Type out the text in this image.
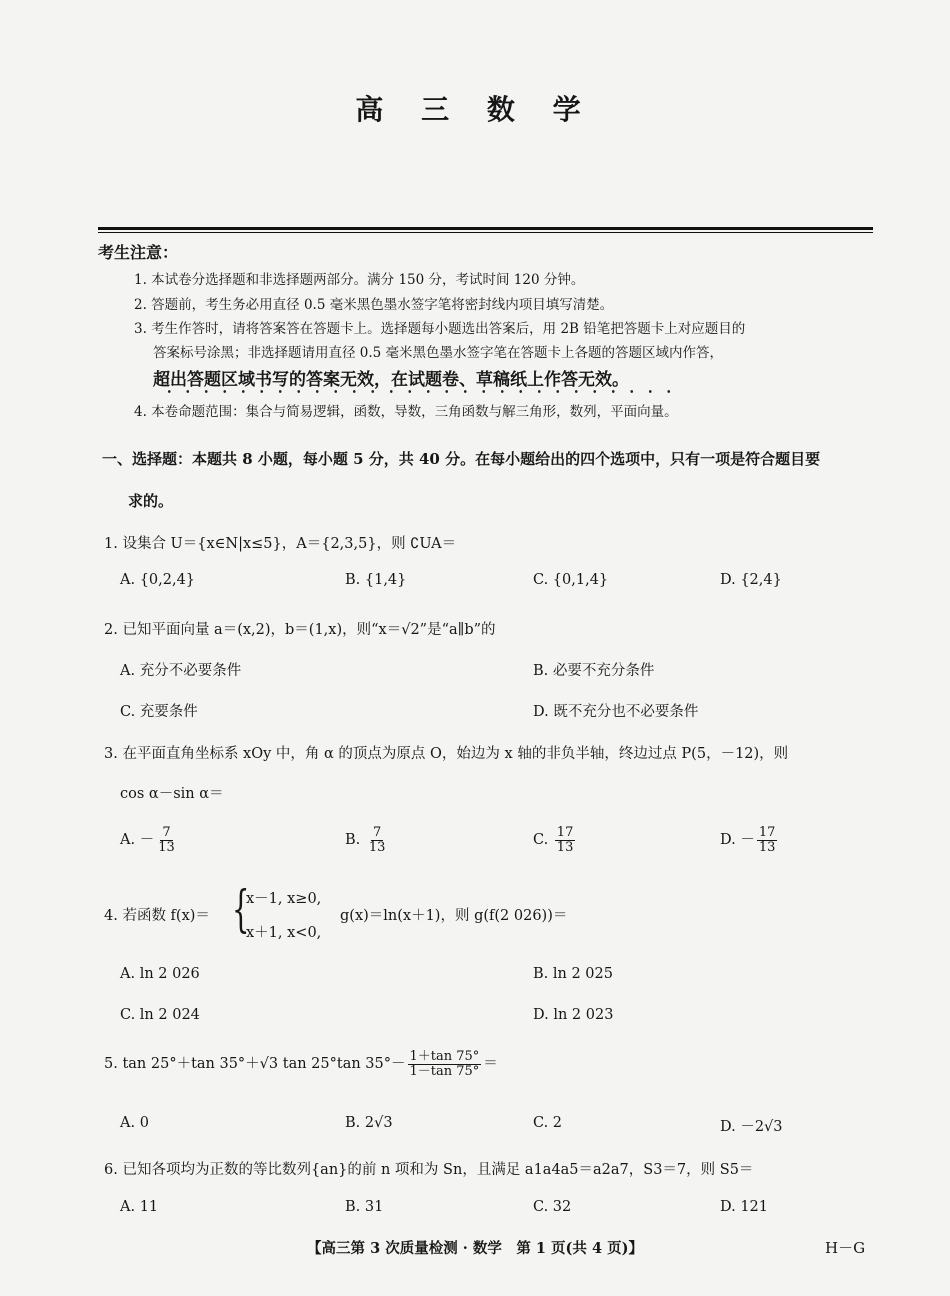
高 三 数 学
考生注意：
1. 本试卷分选择题和非选择题两部分。满分 150 分，考试时间 120 分钟。
2. 答题前，考生务必用直径 0.5 毫米黑色墨水签字笔将密封线内项目填写清楚。
3. 考生作答时，请将答案答在答题卡上。选择题每小题选出答案后，用 2B 铅笔把答题卡上对应题目的
答案标号涂黑；非选择题请用直径 0.5 毫米黑色墨水签字笔在答题卡上各题的答题区域内作答，
超出答题区域书写的答案无效，在试题卷、草稿纸上作答无效。
4. 本卷命题范围：集合与简易逻辑，函数，导数，三角函数与解三角形，数列，平面向量。
一、选择题：本题共 8 小题，每小题 5 分，共 40 分。在每小题给出的四个选项中，只有一项是符合题目要
求的。
1. 设集合 U＝{x∈N|x≤5}，A＝{2,3,5}，则 ∁UA＝
A. {0,2,4}	B. {1,4}	C. {0,1,4}	D. {2,4}
2. 已知平面向量 a＝(x,2)，b＝(1,x)，则“x＝√2”是“a∥b”的
A. 充分不必要条件	B. 必要不充分条件
C. 充要条件	D. 既不充分也不必要条件
3. 在平面直角坐标系 xOy 中，角 α 的顶点为原点 O，始边为 x 轴的非负半轴，终边过点 P(5，－12)，则
cos α－sin α＝
A. － $\frac{7}{13}$	B. $\frac{7}{13}$	C. $\frac{17}{13}$	D. － $\frac{17}{13}$
4. 若函数 f(x)＝ {
x－1, x≥0,
x＋1, x<0,
g(x)＝ln(x＋1)，则 g(f(2 026))＝
A. ln 2 026	B. ln 2 025
C. ln 2 024	D. ln 2 023
5. tan 25°＋tan 35°＋√3 tan 25°tan $35^\circ- \frac{1+\tan 75^\circ}{1-\tan 75^\circ}$ ＝
A. 0	B. 2√3	C. 2	D. －2√3
6. 已知各项均为正数的等比数列{an}的前 n 项和为 Sn，且满足 a1a4a5＝a2a7，S3＝7，则 S5＝
A. 11	B. 31	C. 32	D. 121
【高三第 3 次质量检测 · 数学　第 1 页(共 4 页)】	H－G
